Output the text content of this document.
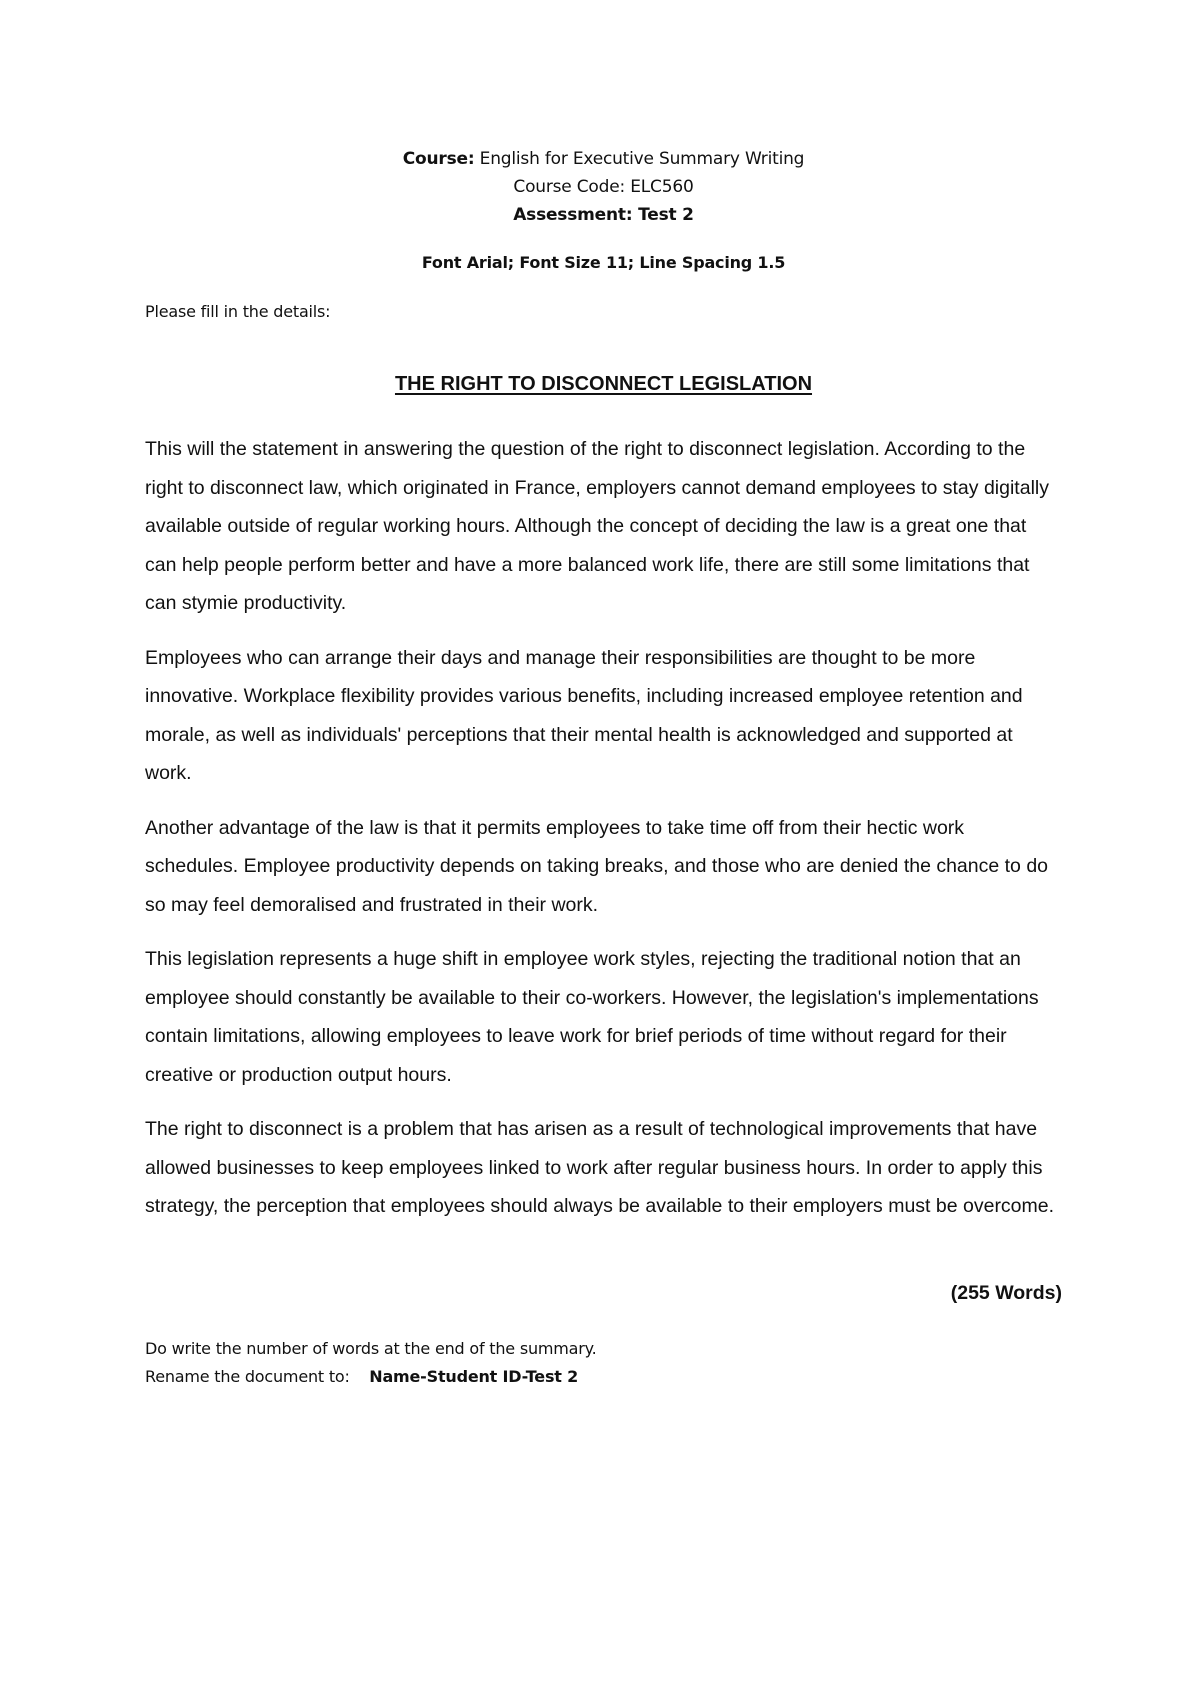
Course: English for Executive Summary Writing
Course Code: ELC560
Assessment: Test 2
Font Arial; Font Size 11; Line Spacing 1.5
Please fill in the details:
THE RIGHT TO DISCONNECT LEGISLATION

This will the statement in answering the question of the right to disconnect legislation. According to the right to disconnect law, which originated in France, employers cannot demand employees to stay digitally available outside of regular working hours. Although the concept of deciding the law is a great one that can help people perform better and have a more balanced work life, there are still some limitations that can stymie productivity.

Employees who can arrange their days and manage their responsibilities are thought to be more innovative. Workplace flexibility provides various benefits, including increased employee retention and morale, as well as individuals' perceptions that their mental health is acknowledged and supported at work.

Another advantage of the law is that it permits employees to take time off from their hectic work schedules. Employee productivity depends on taking breaks, and those who are denied the chance to do so may feel demoralised and frustrated in their work.

This legislation represents a huge shift in employee work styles, rejecting the traditional notion that an employee should constantly be available to their co-workers. However, the legislation's implementations contain limitations, allowing employees to leave work for brief periods of time without regard for their creative or production output hours.

The right to disconnect is a problem that has arisen as a result of technological improvements that have allowed businesses to keep employees linked to work after regular business hours. In order to apply this strategy, the perception that employees should always be available to their employers must be overcome.

(255 Words)
Do write the number of words at the end of the summary.
Rename the document to: Name-Student ID-Test 2
